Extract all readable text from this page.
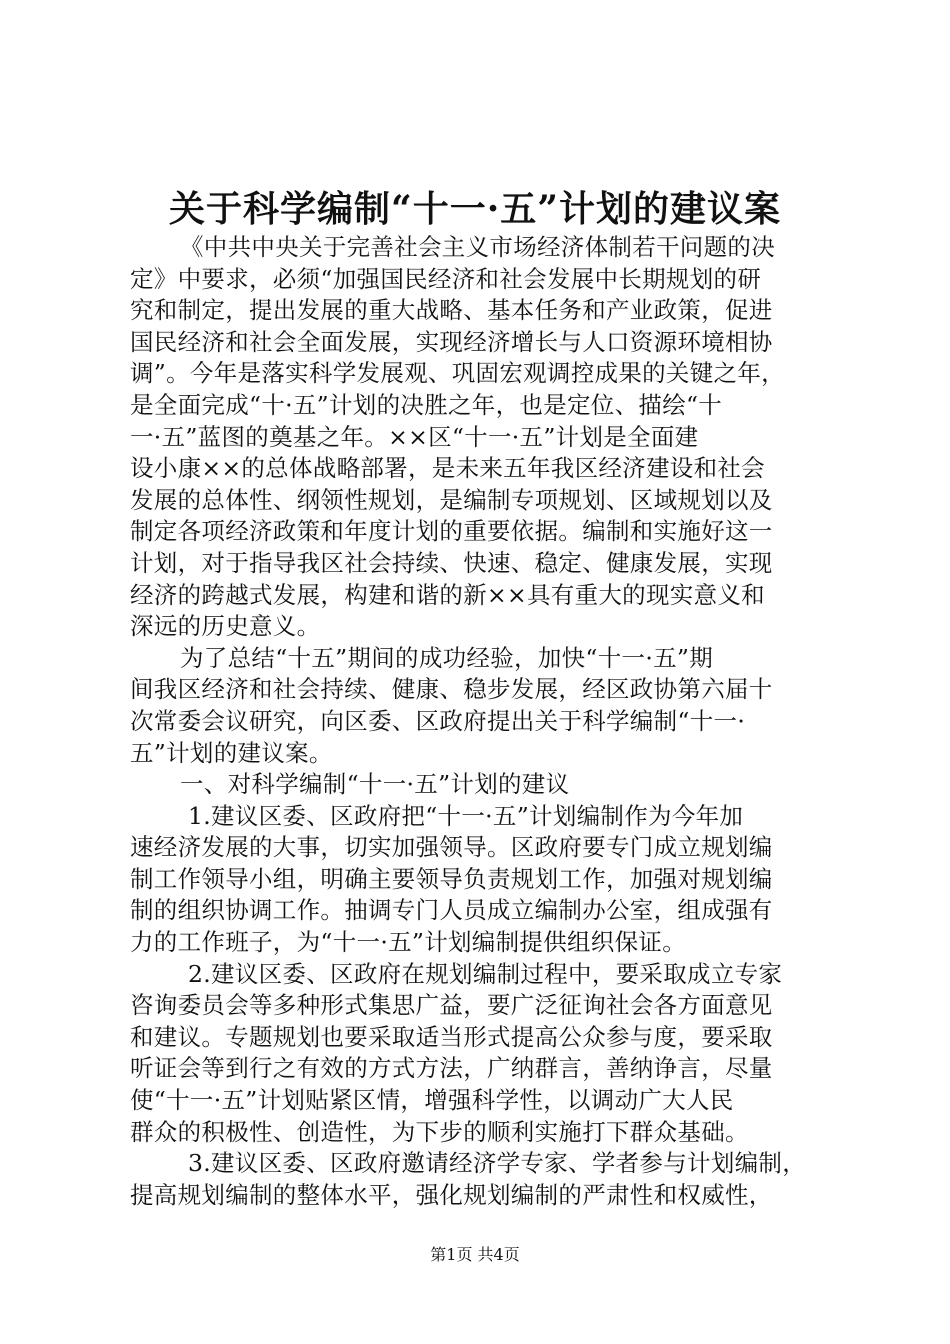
关于科学编制“十一·五”计划的建议案
《中共中央关于完善社会主义市场经济体制若干问题的决
定》中要求，必须“加强国民经济和社会发展中长期规划的研
究和制定，提出发展的重大战略、基本任务和产业政策，促进
国民经济和社会全面发展，实现经济增长与人口资源环境相协
调”。今年是落实科学发展观、巩固宏观调控成果的关键之年，
是全面完成“十·五”计划的决胜之年，也是定位、描绘“十
一·五”蓝图的奠基之年。××区“十一·五”计划是全面建
设小康××的总体战略部署，是未来五年我区经济建设和社会
发展的总体性、纲领性规划，是编制专项规划、区域规划以及
制定各项经济政策和年度计划的重要依据。编制和实施好这一
计划，对于指导我区社会持续、快速、稳定、健康发展，实现
经济的跨越式发展，构建和谐的新××具有重大的现实意义和
深远的历史意义。
为了总结“十五”期间的成功经验，加快“十一·五”期
间我区经济和社会持续、健康、稳步发展，经区政协第六届十
次常委会议研究，向区委、区政府提出关于科学编制“十一·
五”计划的建议案。
一、对科学编制“十一·五”计划的建议
1.建议区委、区政府把“十一·五”计划编制作为今年加
速经济发展的大事，切实加强领导。区政府要专门成立规划编
制工作领导小组，明确主要领导负责规划工作，加强对规划编
制的组织协调工作。抽调专门人员成立编制办公室，组成强有
力的工作班子，为“十一·五”计划编制提供组织保证。
2.建议区委、区政府在规划编制过程中，要采取成立专家
咨询委员会等多种形式集思广益，要广泛征询社会各方面意见
和建议。专题规划也要采取适当形式提高公众参与度，要采取
听证会等到行之有效的方式方法，广纳群言，善纳诤言，尽量
使“十一·五”计划贴紧区情，增强科学性，以调动广大人民
群众的积极性、创造性，为下步的顺利实施打下群众基础。
3.建议区委、区政府邀请经济学专家、学者参与计划编制，
提高规划编制的整体水平，强化规划编制的严肃性和权威性，
第1页 共4页
